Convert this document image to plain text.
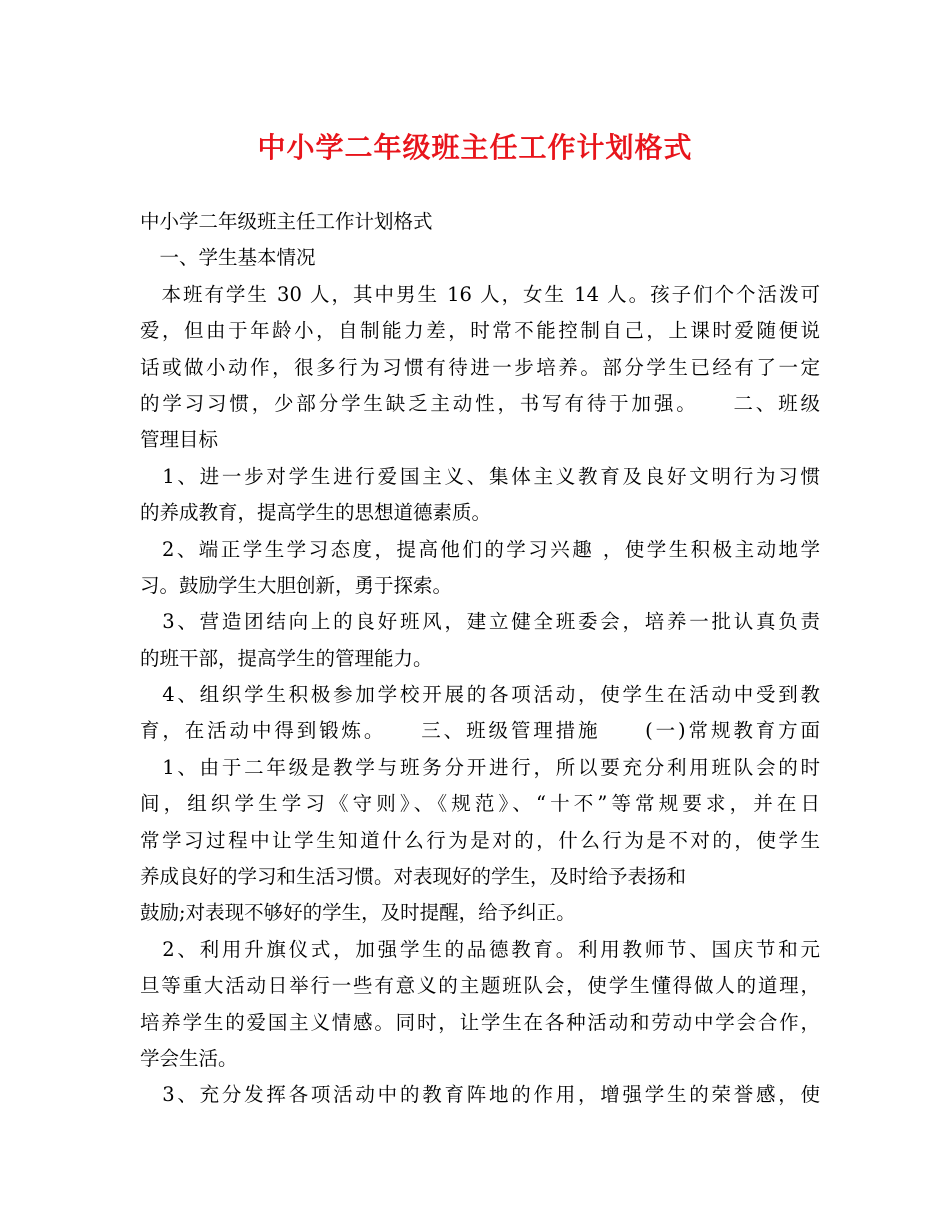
中小学二年级班主任工作计划格式
中小学二年级班主任工作计划格式
　一、学生基本情况
　本班有学生 30 人，其中男生 16 人，女生 14 人。孩子们个个活泼可
爱，但由于年龄小，自制能力差，时常不能控制自己，上课时爱随便说
话或做小动作，很多行为习惯有待进一步培养。部分学生已经有了一定
的学习习惯，少部分学生缺乏主动性，书写有待于加强。　　二、班级
管理目标
　1、进一步对学生进行爱国主义、集体主义教育及良好文明行为习惯
的养成教育，提高学生的思想道德素质。
　2、端正学生学习态度，提高他们的学习兴趣 ，使学生积极主动地学
习。鼓励学生大胆创新，勇于探索。
　3、营造团结向上的良好班风，建立健全班委会，培养一批认真负责
的班干部，提高学生的管理能力。
　4、组织学生积极参加学校开展的各项活动，使学生在活动中受到教
育，在活动中得到锻炼。　　三、班级管理措施　　(一)常规教育方面
　1、由于二年级是教学与班务分开进行，所以要充分利用班队会的时
间，组织学生学习《守则》、《规范》、“十不”等常规要求，并在日
常学习过程中让学生知道什么行为是对的，什么行为是不对的，使学生
养成良好的学习和生活习惯。对表现好的学生，及时给予表扬和
鼓励;对表现不够好的学生，及时提醒，给予纠正。
　2、利用升旗仪式，加强学生的品德教育。利用教师节、国庆节和元
旦等重大活动日举行一些有意义的主题班队会，使学生懂得做人的道理，
培养学生的爱国主义情感。同时，让学生在各种活动和劳动中学会合作，
学会生活。
　3、充分发挥各项活动中的教育阵地的作用，增强学生的荣誉感，使
